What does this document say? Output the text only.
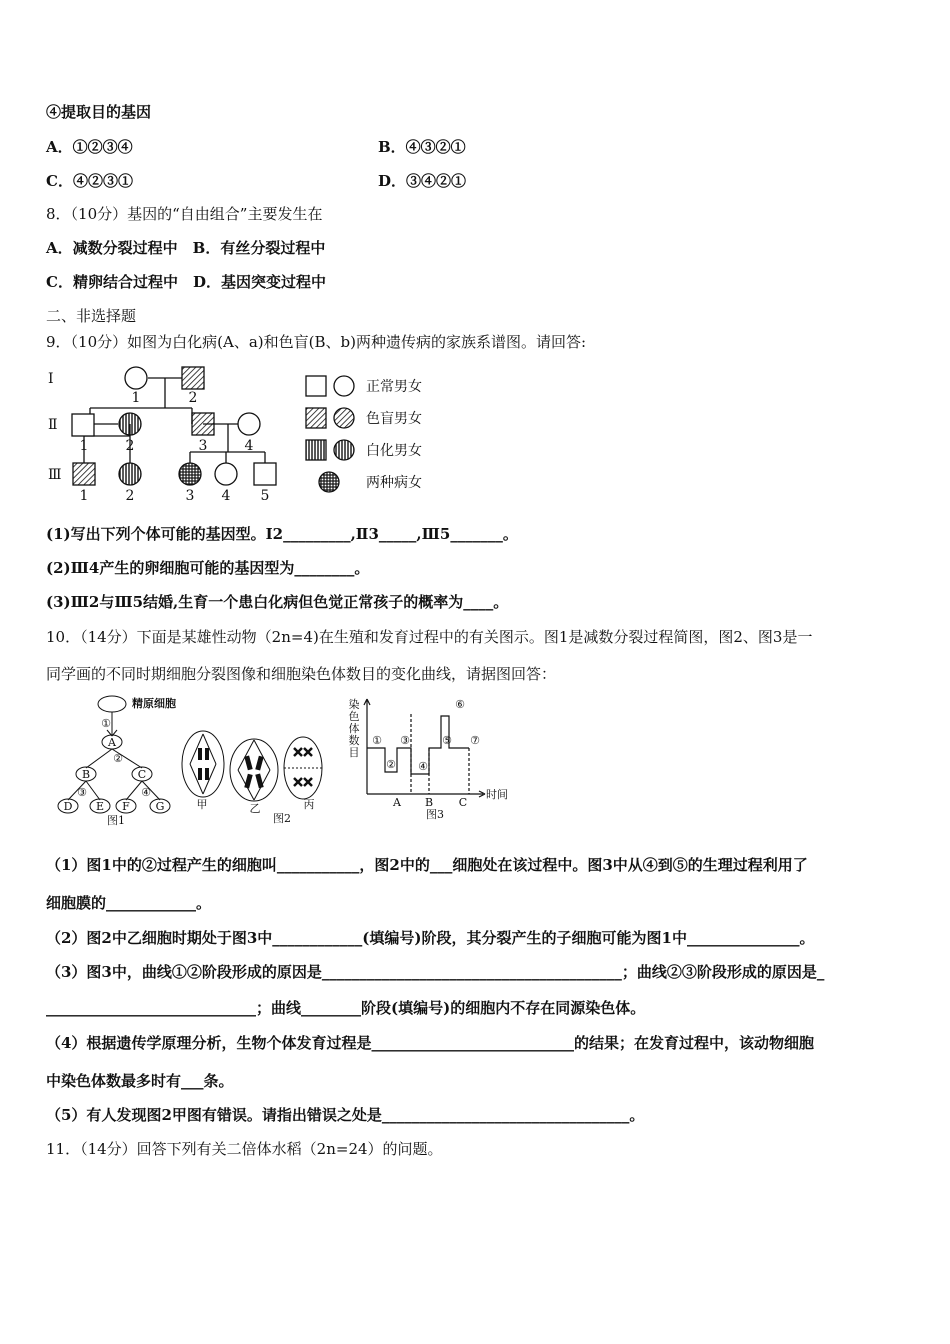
④提取目的基因
A．①②③④	B．④③②①
C．④②③①	D．③④②①
8．（10分）基因的“自由组合”主要发生在
A．减数分裂过程中　B．有丝分裂过程中
C．精卵结合过程中　D．基因突变过程中
二、非选择题
9．（10分）如图为白化病(A、a)和色盲(B、b)两种遗传病的家族系谱图。请回答:
Ⅰ
Ⅱ
Ⅲ
1	2
1	2	3	4
1	2	3 4 5
正常男女
色盲男女
白化男女
两种病女
(1)写出下列个体可能的基因型。Ⅰ2_________,Ⅱ3_____,Ⅲ5_______。
(2)Ⅲ4产生的卵细胞可能的基因型为________。
(3)Ⅲ2与Ⅲ5结婚,生育一个患白化病但色觉正常孩子的概率为____。
10．（14分）下面是某雄性动物（2n=4)在生殖和发育过程中的有关图示。图1是减数分裂过程简图，图2、图3是一
同学画的不同时期细胞分裂图像和细胞染色体数目的变化曲线，请据图回答：
精原细胞
①
A
②
B	C
③	④
D E F G
图1
甲	乙	丙
图2
染
色
体
数
目
①
②
③
④
⑤
⑥
⑦
A B C
时间
图3
（1）图1中的②过程产生的细胞叫___________，图2中的___细胞处在该过程中。图3中从④到⑤的生理过程利用了
细胞膜的____________。
（2）图2中乙细胞时期处于图3中____________(填编号)阶段，其分裂产生的子细胞可能为图1中_______________。
（3）图3中，曲线①②阶段形成的原因是________________________________________；曲线②③阶段形成的原因是_
____________________________；曲线________阶段(填编号)的细胞内不存在同源染色体。
（4）根据遗传学原理分析，生物个体发育过程是___________________________的结果；在发育过程中，该动物细胞
中染色体数最多时有___条。
（5）有人发现图2甲图有错误。请指出错误之处是_________________________________。
11．（14分）回答下列有关二倍体水稻（2n=24）的问题。
